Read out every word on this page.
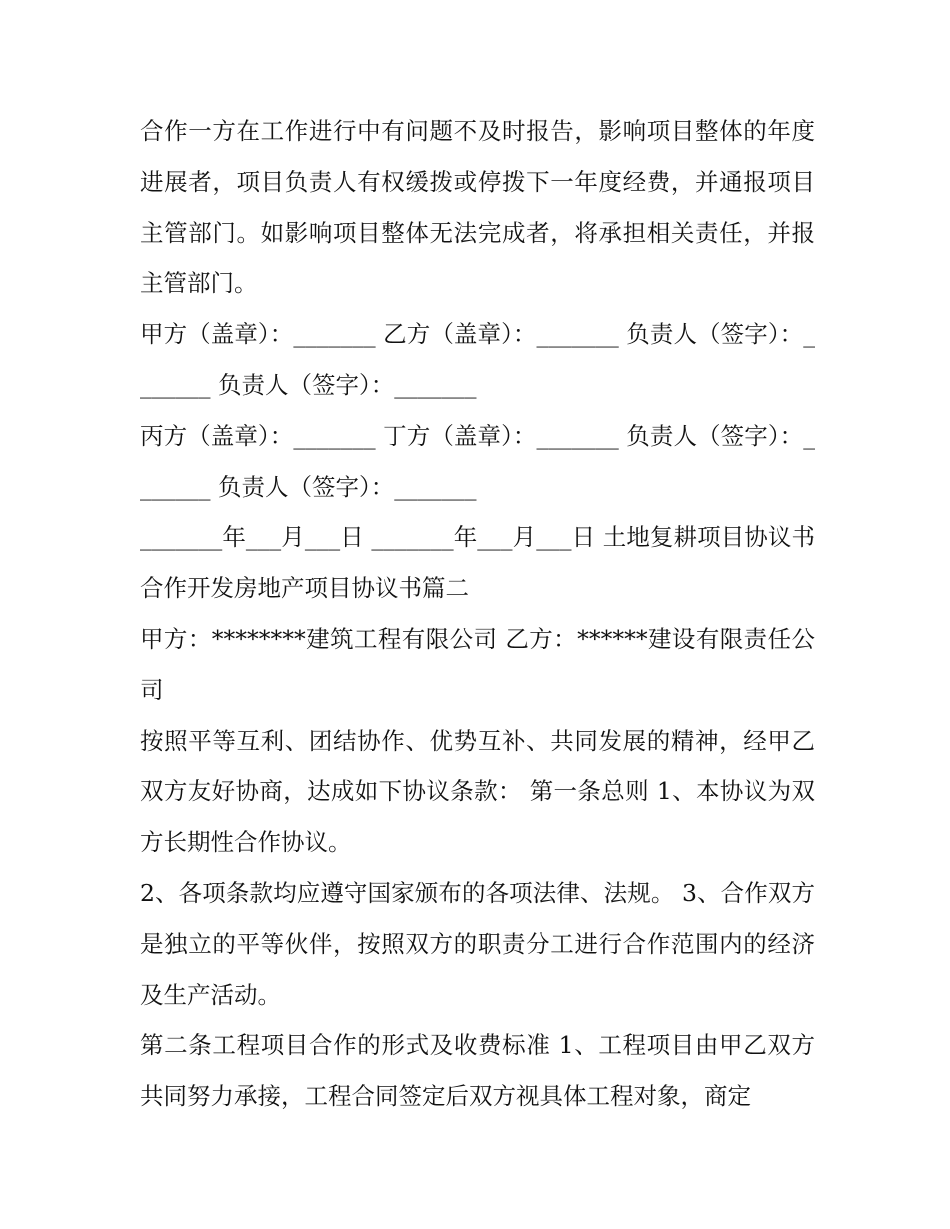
合作一方在工作进行中有问题不及时报告，影响项目整体的年度进展者，项目负责人有权缓拨或停拨下一年度经费，并通报项目主管部门。如影响项目整体无法完成者，将承担相关责任，并报主管部门。

甲方（盖章）：_______ 乙方（盖章）：_______ 负责人（签字）：_______ 负责人（签字）：_______

丙方（盖章）：_______ 丁方（盖章）：_______ 负责人（签字）：_______ 负责人（签字）：_______

_______年___月___日 _______年___月___日 土地复耕项目协议书 合作开发房地产项目协议书篇二

甲方：********建筑工程有限公司 乙方：******建设有限责任公司

按照平等互利、团结协作、优势互补、共同发展的精神，经甲乙双方友好协商，达成如下协议条款： 第一条总则 1、本协议为双方长期性合作协议。

2、各项条款均应遵守国家颁布的各项法律、法规。 3、合作双方是独立的平等伙伴，按照双方的职责分工进行合作范围内的经济及生产活动。

第二条工程项目合作的形式及收费标准 1、工程项目由甲乙双方共同努力承接，工程合同签定后双方视具体工程对象，商定
